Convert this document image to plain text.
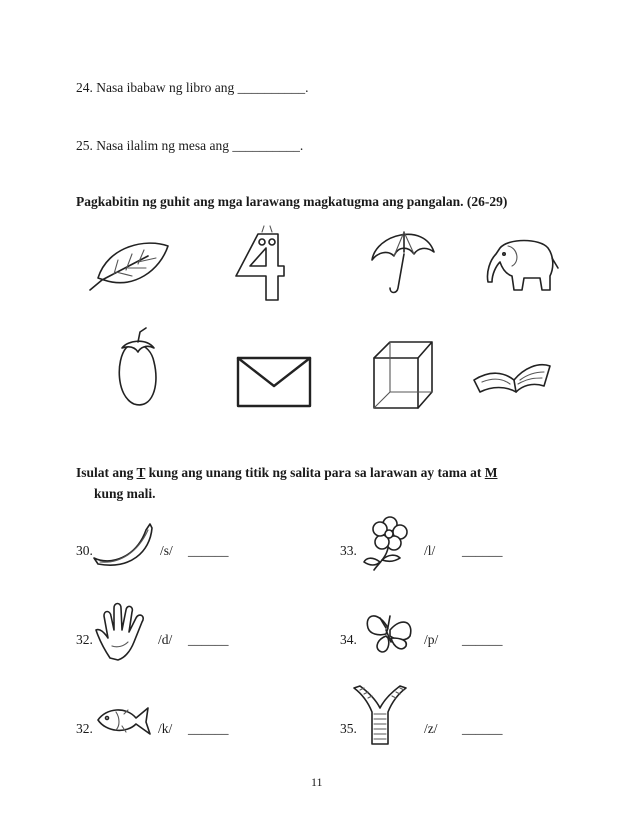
24. Nasa ibabaw ng libro ang __________.
25. Nasa ilalim ng mesa ang __________.
Pagkabitin ng guhit ang mga larawang magkatugma ang pangalan. (26-29)
Isulat ang T kung ang unang titik ng salita para sa larawan ay tama at M
kung mali.
30.	/s/ ______	33.	/l/ ______
32.	/d/ ______	34.	/p/ ______
32.	/k/ ______	35.	/z/ ______
11
